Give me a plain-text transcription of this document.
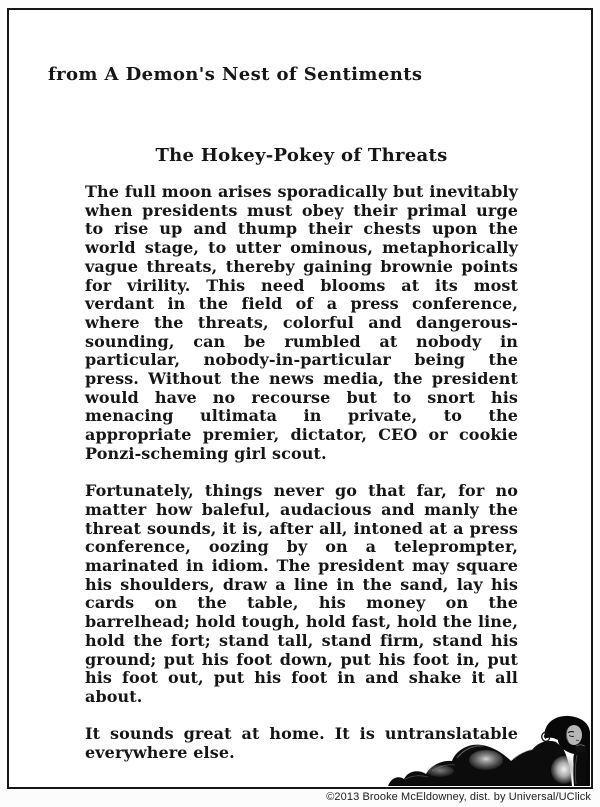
from A Demon's Nest of Sentiments
The Hokey-Pokey of Threats

The full moon arises sporadically but inevitably when presidents must obey their primal urge to rise up and thump their chests upon the world stage, to utter ominous, metaphorically vague threats, thereby gaining brownie points for virility. This need blooms at its most verdant in the field of a press conference, where the threats, colorful and dangerous-sounding, can be rumbled at nobody in particular, nobody-in-particular being the press. Without the news media, the president would have no recourse but to snort his menacing ultimata in private, to the appropriate premier, dictator, CEO or cookie Ponzi-scheming girl scout.

Fortunately, things never go that far, for no matter how baleful, audacious and manly the threat sounds, it is, after all, intoned at a press conference, oozing by on a teleprompter, marinated in idiom. The president may square his shoulders, draw a line in the sand, lay his cards on the table, his money on the barrelhead; hold tough, hold fast, hold the line, hold the fort; stand tall, stand firm, stand his ground; put his foot down, put his foot in, put his foot out, put his foot in and shake it all about.

It sounds great at home. It is untranslatable everywhere else.

©2013 Brooke McEldowney, dist. by Universal/UClick
